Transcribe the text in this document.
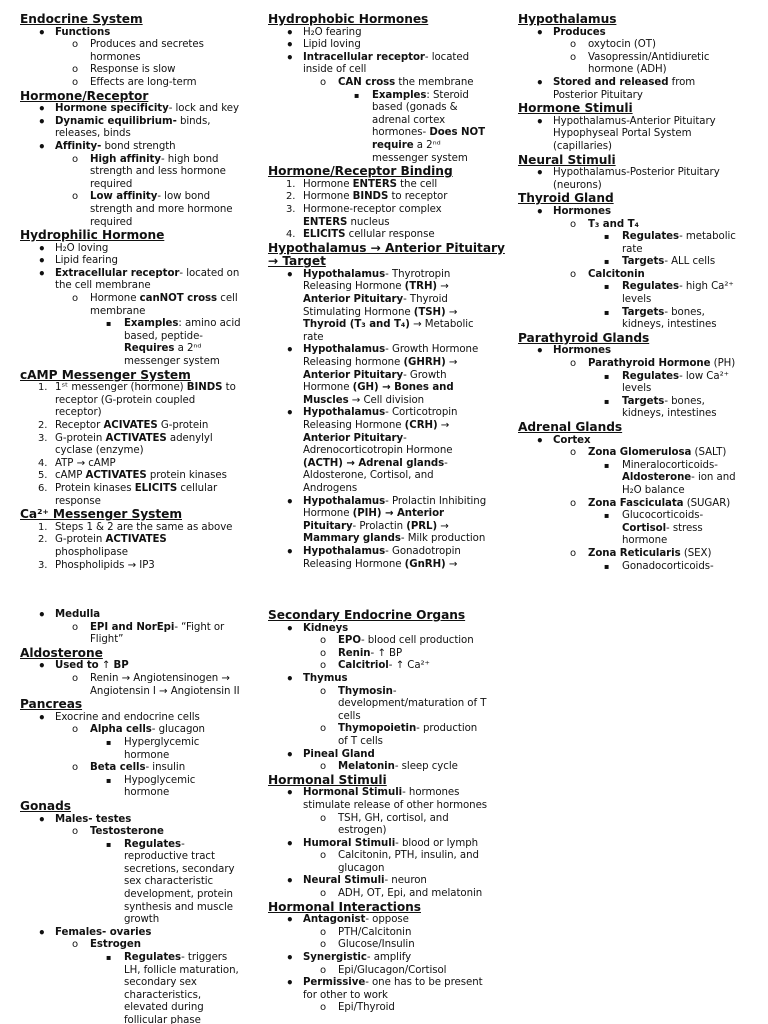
Endocrine System
• Functions
o Produces and secretes
hormones
o Response is slow
o Effects are long-term
Hormone/Receptor
• Hormone specificity- lock and key
• Dynamic equilibrium- binds,
releases, binds
• Affinity- bond strength
o High affinity- high bond
strength and less hormone
required
o Low affinity- low bond
strength and more hormone
required
Hydrophilic Hormone
• H₂O loving
• Lipid fearing
• Extracellular receptor- located on
the cell membrane
o Hormone canNOT cross cell
membrane
▪ Examples: amino acid
based, peptide-
Requires a 2ⁿᵈ
messenger system
cAMP Messenger System
1. 1ˢᵗ messenger (hormone) BINDS to
receptor (G-protein coupled
receptor)
2. Receptor ACIVATES G-protein
3. G-protein ACTIVATES adenylyl
cyclase (enzyme)
4. ATP → cAMP
5. cAMP ACTIVATES protein kinases
6. Protein kinases ELICITS cellular
response
Ca²⁺ Messenger System
1. Steps 1 & 2 are the same as above
2. G-protein ACTIVATES
phospholipase
3. Phospholipids → IP3
Hydrophobic Hormones
• H₂O fearing
• Lipid loving
• Intracellular receptor- located
inside of cell
o CAN cross the membrane
▪ Examples: Steroid
based (gonads &
adrenal cortex
hormones- Does NOT
require a 2ⁿᵈ
messenger system
Hormone/Receptor Binding
1. Hormone ENTERS the cell
2. Hormone BINDS to receptor
3. Hormone-receptor complex
ENTERS nucleus
4. ELICITS cellular response
Hypothalamus → Anterior Pituitary
→ Target
• Hypothalamus- Thyrotropin
Releasing Hormone (TRH) →
Anterior Pituitary- Thyroid
Stimulating Hormone (TSH) →
Thyroid (T₃ and T₄) → Metabolic
rate
• Hypothalamus- Growth Hormone
Releasing hormone (GHRH) →
Anterior Pituitary- Growth
Hormone (GH) → Bones and
Muscles → Cell division
• Hypothalamus- Corticotropin
Releasing Hormone (CRH) →
Anterior Pituitary-
Adrenocorticotropin Hormone
(ACTH) → Adrenal glands-
Aldosterone, Cortisol, and
Androgens
• Hypothalamus- Prolactin Inhibiting
Hormone (PIH) → Anterior
Pituitary- Prolactin (PRL) →
Mammary glands- Milk production
• Hypothalamus- Gonadotropin
Releasing Hormone (GnRH) →
Hypothalamus
• Produces
o oxytocin (OT)
o Vasopressin/Antidiuretic
hormone (ADH)
• Stored and released from
Posterior Pituitary
Hormone Stimuli
• Hypothalamus-Anterior Pituitary
Hypophyseal Portal System
(capillaries)
Neural Stimuli
• Hypothalamus-Posterior Pituitary
(neurons)
Thyroid Gland
• Hormones
o T₃ and T₄
▪ Regulates- metabolic
rate
▪ Targets- ALL cells
o Calcitonin
▪ Regulates- high Ca²⁺
levels
▪ Targets- bones,
kidneys, intestines
Parathyroid Glands
• Hormones
o Parathyroid Hormone (PH)
▪ Regulates- low Ca²⁺
levels
▪ Targets- bones,
kidneys, intestines
Adrenal Glands
• Cortex
o Zona Glomerulosa (SALT)
▪ Mineralocorticoids-
Aldosterone- ion and
H₂O balance
o Zona Fasciculata (SUGAR)
▪ Glucocorticoids-
Cortisol- stress
hormone
o Zona Reticularis (SEX)
▪ Gonadocorticoids-
• Medulla
o EPI and NorEpi- “Fight or
Flight”
Aldosterone
• Used to ↑ BP
o Renin → Angiotensinogen →
Angiotensin I → Angiotensin II
Pancreas
• Exocrine and endocrine cells
o Alpha cells- glucagon
▪ Hyperglycemic
hormone
o Beta cells- insulin
▪ Hypoglycemic
hormone
Gonads
• Males- testes
o Testosterone
▪ Regulates-
reproductive tract
secretions, secondary
sex characteristic
development, protein
synthesis and muscle
growth
• Females- ovaries
o Estrogen
▪ Regulates- triggers
LH, follicle maturation,
secondary sex
characteristics,
elevated during
follicular phase
Secondary Endocrine Organs
• Kidneys
o EPO- blood cell production
o Renin- ↑ BP
o Calcitriol- ↑ Ca²⁺
• Thymus
o Thymosin-
development/maturation of T
cells
o Thymopoietin- production
of T cells
• Pineal Gland
o Melatonin- sleep cycle
Hormonal Stimuli
• Hormonal Stimuli- hormones
stimulate release of other hormones
o TSH, GH, cortisol, and
estrogen)
• Humoral Stimuli- blood or lymph
o Calcitonin, PTH, insulin, and
glucagon
• Neural Stimuli- neuron
o ADH, OT, Epi, and melatonin
Hormonal Interactions
• Antagonist- oppose
o PTH/Calcitonin
o Glucose/Insulin
• Synergistic- amplify
o Epi/Glucagon/Cortisol
• Permissive- one has to be present
for other to work
o Epi/Thyroid
